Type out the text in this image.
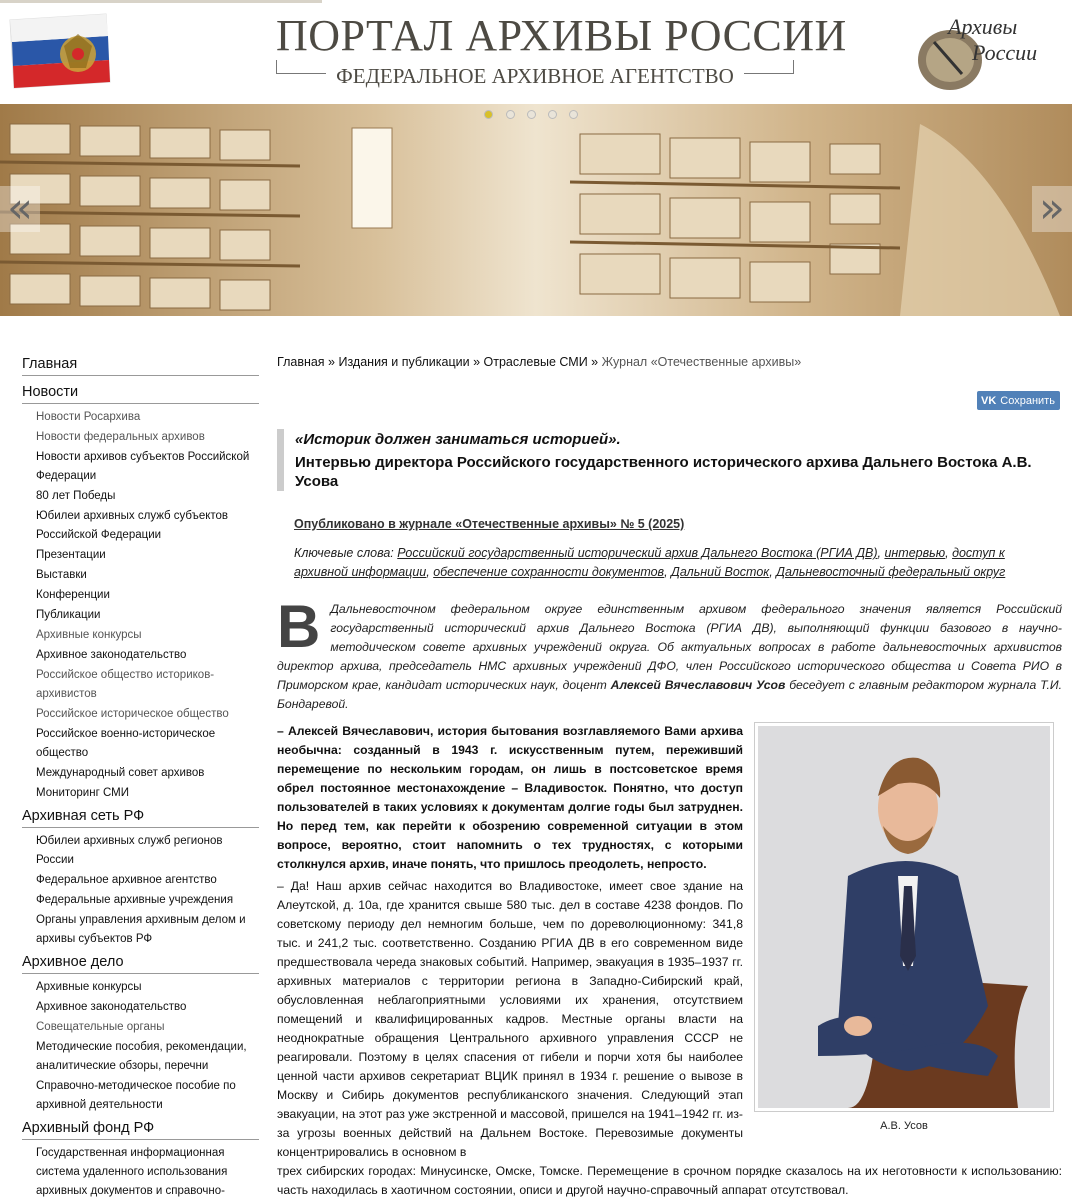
ПОРТАЛ АРХИВЫ РОССИИ
ФЕДЕРАЛЬНОЕ АРХИВНОЕ АГЕНТСТВО
Архивы
России
«	»
Главная
Новости
Новости Росархива
Новости федеральных архивов
Новости архивов субъектов Российской Федерации
80 лет Победы
Юбилеи архивных служб субъектов Российской Федерации
Презентации
Выставки
Конференции
Публикации
Архивные конкурсы
Архивное законодательство
Российское общество историков-архивистов
Российское историческое общество
Российское военно-историческое общество
Международный совет архивов
Мониторинг СМИ
Архивная сеть РФ
Юбилеи архивных служб регионов России
Федеральное архивное агентство
Федеральные архивные учреждения
Органы управления архивным делом и архивы субъектов РФ
Архивное дело
Архивные конкурсы
Архивное законодательство
Совещательные органы
Методические пособия, рекомендации, аналитические обзоры, перечни
Справочно-методическое пособие по архивной деятельности
Архивный фонд РФ
Государственная информационная система удаленного использования архивных документов и справочно-
Главная » Издания и публикации » Отраслевые СМИ » Журнал «Отечественные архивы»
VK Сохранить
«Историк должен заниматься историей».
Интервью директора Российского государственного исторического архива Дальнего Востока А.В. Усова
Опубликовано в журнале «Отечественные архивы» № 5 (2025)
Ключевые слова: Российский государственный исторический архив Дальнего Востока (РГИА ДВ), интервью, доступ к архивной информации, обеспечение сохранности документов, Дальний Восток, Дальневосточный федеральный округ
В Дальневосточном федеральном округе единственным архивом федерального значения является Российский государственный исторический архив Дальнего Востока (РГИА ДВ), выполняющий функции базового в научно-методическом совете архивных учреждений округа. Об актуальных вопросах в работе дальневосточных архивистов директор архива, председатель НМС архивных учреждений ДФО, член Российского исторического общества и Совета РИО в Приморском крае, кандидат исторических наук, доцент Алексей Вячеславович Усов беседует с главным редактором журнала Т.И. Бондаревой.
– Алексей Вячеславович, история бытования возглавляемого Вами архива необычна: созданный в 1943 г. искусственным путем, переживший перемещение по нескольким городам, он лишь в постсоветское время обрел постоянное местонахождение – Владивосток. Понятно, что доступ пользователей в таких условиях к документам долгие годы был затруднен. Но перед тем, как перейти к обозрению современной ситуации в этом вопросе, вероятно, стоит напомнить о тех трудностях, с которыми столкнулся архив, иначе понять, что пришлось преодолеть, непросто.
А.В. Усов
– Да! Наш архив сейчас находится во Владивостоке, имеет свое здание на Алеутской, д. 10а, где хранится свыше 580 тыс. дел в составе 4238 фондов. По советскому периоду дел немногим больше, чем по дореволюционному: 341,8 тыс. и 241,2 тыс. соответственно. Созданию РГИА ДВ в его современном виде предшествовала череда знаковых событий. Например, эвакуация в 1935–1937 гг. архивных материалов с территории региона в Западно-Сибирский край, обусловленная неблагоприятными условиями их хранения, отсутствием помещений и квалифицированных кадров. Местные органы власти на неоднократные обращения Центрального архивного управления СССР не реагировали. Поэтому в целях спасения от гибели и порчи хотя бы наиболее ценной части архивов секретариат ВЦИК принял в 1934 г. решение о вывозе в Москву и Сибирь документов республиканского значения. Следующий этап эвакуации, на этот раз уже экстренной и массовой, пришелся на 1941–1942 гг. из-за угрозы военных действий на Дальнем Востоке. Перевозимые документы концентрировались в основном в
трех сибирских городах: Минусинске, Омске, Томске. Перемещение в срочном порядке сказалось на их неготовности к использованию: часть находилась в хаотичном состоянии, описи и другой научно-справочный аппарат отсутствовал.
